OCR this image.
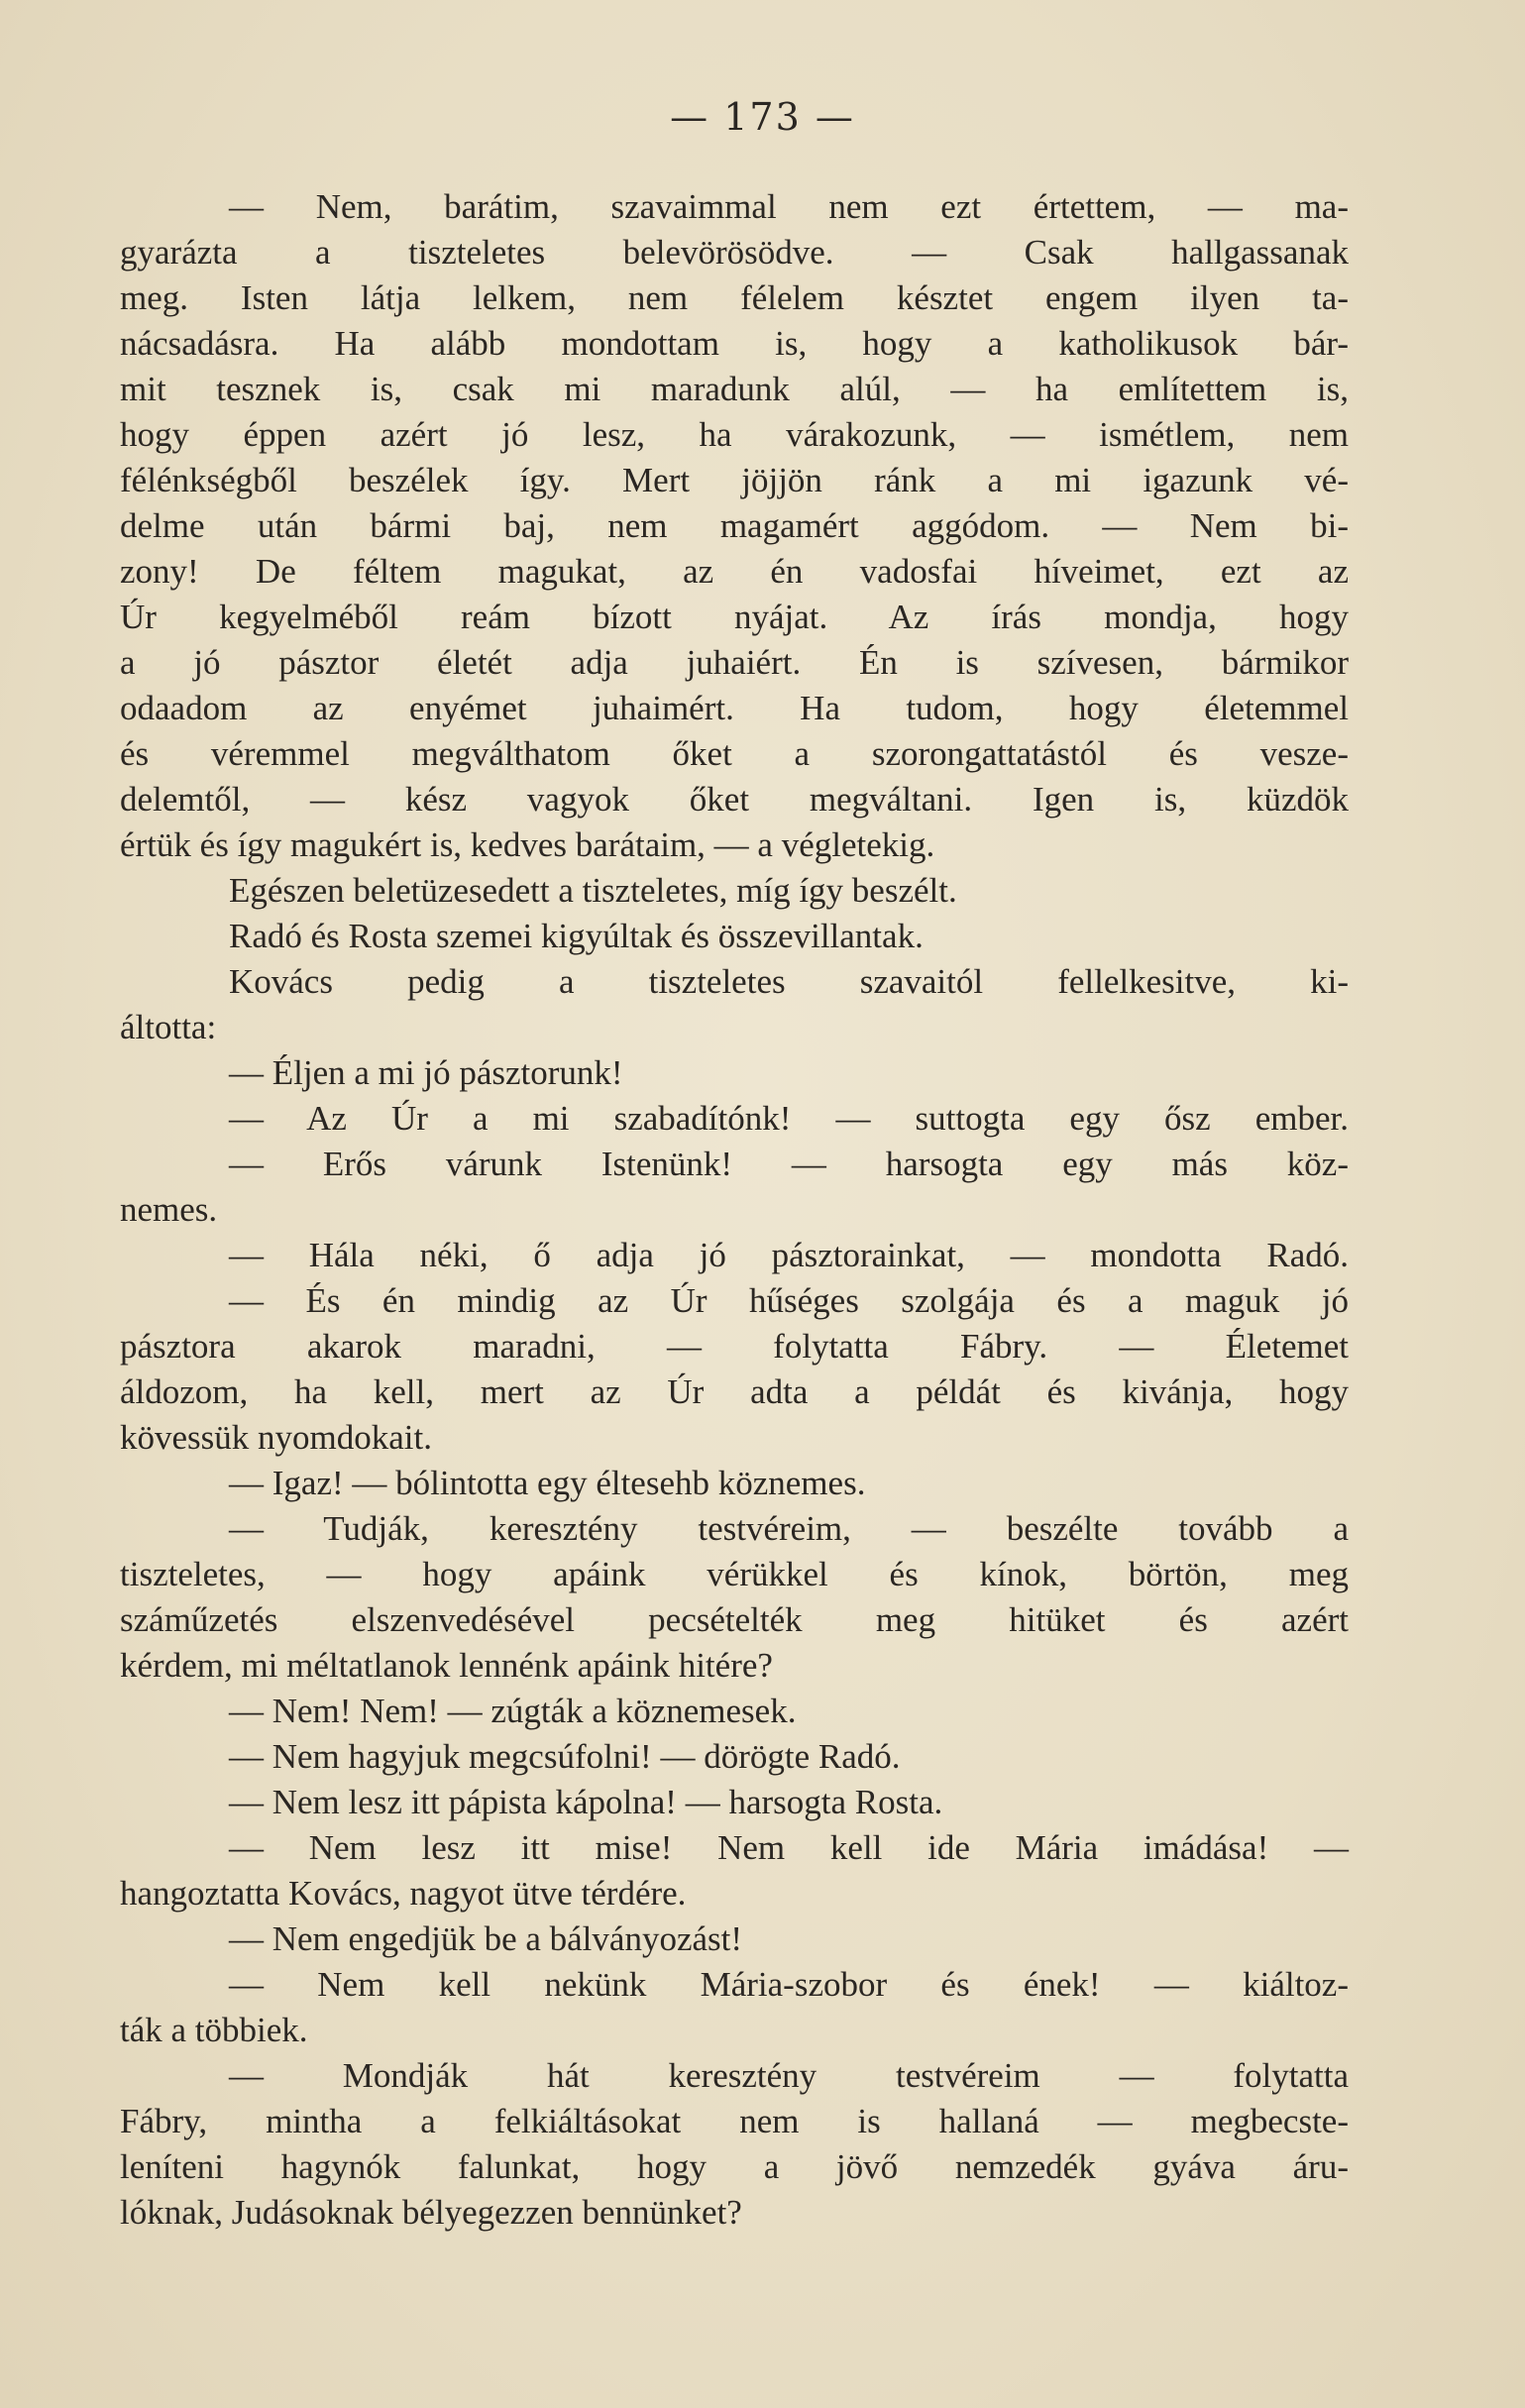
— 173 —
— Nem, barátim, szavaimmal nem ezt értettem, — ma-
gyarázta a tiszteletes belevörösödve. — Csak hallgassanak
meg. Isten látja lelkem, nem félelem késztet engem ilyen ta-
nácsadásra. Ha alább mondottam is, hogy a katholikusok bár-
mit tesznek is, csak mi maradunk alúl, — ha említettem is,
hogy éppen azért jó lesz, ha várakozunk, — ismétlem, nem
félénkségből beszélek így. Mert jöjjön ránk a mi igazunk vé-
delme után bármi baj, nem magamért aggódom. — Nem bi-
zony! De féltem magukat, az én vadosfai híveimet, ezt az
Úr kegyelméből reám bízott nyájat. Az írás mondja, hogy
a jó pásztor életét adja juhaiért. Én is szívesen, bármikor
odaadom az enyémet juhaimért. Ha tudom, hogy életemmel
és véremmel megválthatom őket a szorongattatástól és vesze-
delemtől, — kész vagyok őket megváltani. Igen is, küzdök
értük és így magukért is, kedves barátaim, — a végletekig.
Egészen beletüzesedett a tiszteletes, míg így beszélt.
Radó és Rosta szemei kigyúltak és összevillantak.
Kovács pedig a tiszteletes szavaitól fellelkesitve, ki-
áltotta:
— Éljen a mi jó pásztorunk!
— Az Úr a mi szabadítónk! — suttogta egy ősz ember.
— Erős várunk Istenünk! — harsogta egy más köz-
nemes.
— Hála néki, ő adja jó pásztorainkat, — mondotta Radó.
— És én mindig az Úr hűséges szolgája és a maguk jó
pásztora akarok maradni, — folytatta Fábry. — Életemet
áldozom, ha kell, mert az Úr adta a példát és kivánja, hogy
kövessük nyomdokait.
— Igaz! — bólintotta egy éltesehb köznemes.
— Tudják, keresztény testvéreim, — beszélte tovább a
tiszteletes, — hogy apáink vérükkel és kínok, börtön, meg
száműzetés elszenvedésével pecsételték meg hitüket és azért
kérdem, mi méltatlanok lennénk apáink hitére?
— Nem! Nem! — zúgták a köznemesek.
— Nem hagyjuk megcsúfolni! — dörögte Radó.
— Nem lesz itt pápista kápolna! — harsogta Rosta.
— Nem lesz itt mise! Nem kell ide Mária imádása! —
hangoztatta Kovács, nagyot ütve térdére.
— Nem engedjük be a bálványozást!
— Nem kell nekünk Mária-szobor és ének! — kiáltoz-
ták a többiek.
— Mondják hát keresztény testvéreim — folytatta
Fábry, mintha a felkiáltásokat nem is hallaná — megbecste-
leníteni hagynók falunkat, hogy a jövő nemzedék gyáva áru-
lóknak, Judásoknak bélyegezzen bennünket?
